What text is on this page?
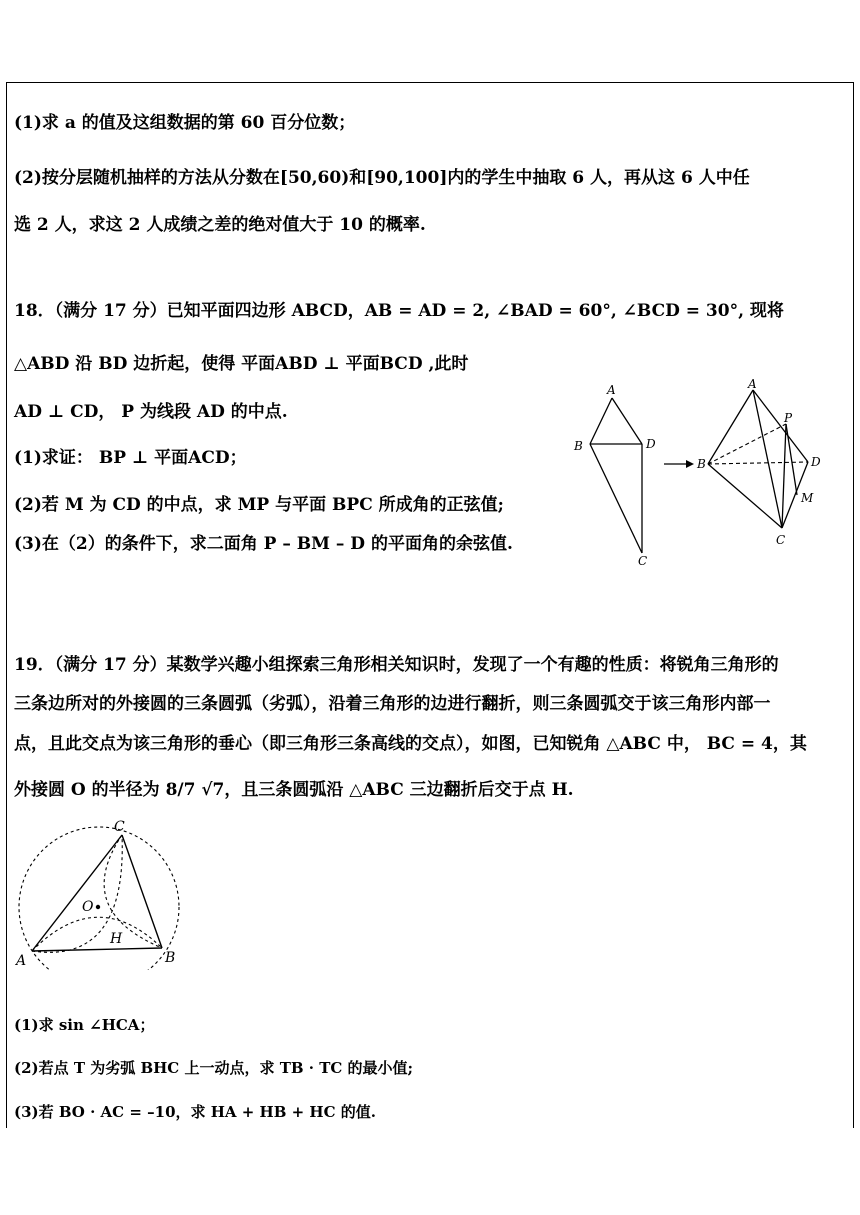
(1)求 a 的值及这组数据的第 60 百分位数；
(2)按分层随机抽样的方法从分数在[50,60)和[90,100]内的学生中抽取 6 人，再从这 6 人中任
选 2 人，求这 2 人成绩之差的绝对值大于 10 的概率.
18．（满分 17 分）已知平面四边形 ABCD，AB = AD = 2, ∠BAD = 60°, ∠BCD = 30°, 现将
△ABD 沿 BD 边折起，使得 平面ABD ⊥ 平面BCD ,此时
AD ⊥ CD， P 为线段 AD 的中点.
(1)求证： BP ⊥ 平面ACD；
(2)若 M 为 CD 的中点，求 MP 与平面 BPC 所成角的正弦值;
(3)在（2）的条件下，求二面角 P – BM – D 的平面角的余弦值.
A
B	D
C
A
B	D
C
P
M
19．（满分 17 分）某数学兴趣小组探索三角形相关知识时，发现了一个有趣的性质：将锐角三角形的
三条边所对的外接圆的三条圆弧（劣弧），沿着三角形的边进行翻折，则三条圆弧交于该三角形内部一
点，且此交点为该三角形的垂心（即三角形三条高线的交点），如图，已知锐角 △ABC 中， BC = 4，其
外接圆 O 的半径为 8/7 √7，且三条圆弧沿 △ABC 三边翻折后交于点 H.
C
A	B
O
H
(1)求 sin ∠HCA；
(2)若点 T 为劣弧 BHC 上一动点，求 TB · TC 的最小值;
(3)若 BO · AC = –10，求 HA + HB + HC 的值.
